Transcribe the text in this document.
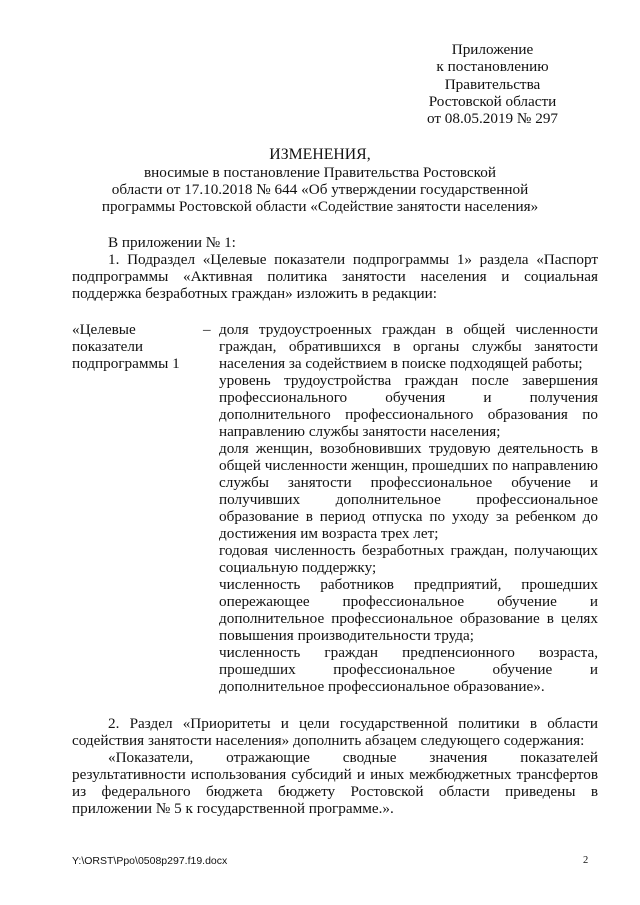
Приложение
к постановлению
Правительства
Ростовской области
от 08.05.2019 № 297
ИЗМЕНЕНИЯ,
вносимые в постановление Правительства Ростовской
области от 17.10.2018 № 644 «Об утверждении государственной
программы Ростовской области «Содействие занятости населения»
В приложении № 1:
1. Подраздел «Целевые показатели подпрограммы 1» раздела «Паспорт
подпрограммы «Активная политика занятости населения и социальная
поддержка безработных граждан» изложить в редакции:
«Целевые
показатели
подпрограммы 1
– доля трудоустроенных граждан в общей численности
граждан, обратившихся в органы службы занятости
населения за содействием в поиске подходящей работы;
уровень трудоустройства граждан после завершения
профессионального обучения и получения
дополнительного профессионального образования по
направлению службы занятости населения;
доля женщин, возобновивших трудовую деятельность в
общей численности женщин, прошедших по направлению
службы занятости профессиональное обучение и
получивших дополнительное профессиональное
образование в период отпуска по уходу за ребенком до
достижения им возраста трех лет;
годовая численность безработных граждан, получающих
социальную поддержку;
численность работников предприятий, прошедших
опережающее профессиональное обучение и
дополнительное профессиональное образование в целях
повышения производительности труда;
численность граждан предпенсионного возраста,
прошедших профессиональное обучение и
дополнительное профессиональное образование».
2. Раздел «Приоритеты и цели государственной политики в области
содействия занятости населения» дополнить абзацем следующего содержания:
«Показатели, отражающие сводные значения показателей
результативности использования субсидий и иных межбюджетных трансфертов
из федерального бюджета бюджету Ростовской области приведены в
приложении № 5 к государственной программе.».
Y:\ORST\Ppo\0508p297.f19.docx	2
